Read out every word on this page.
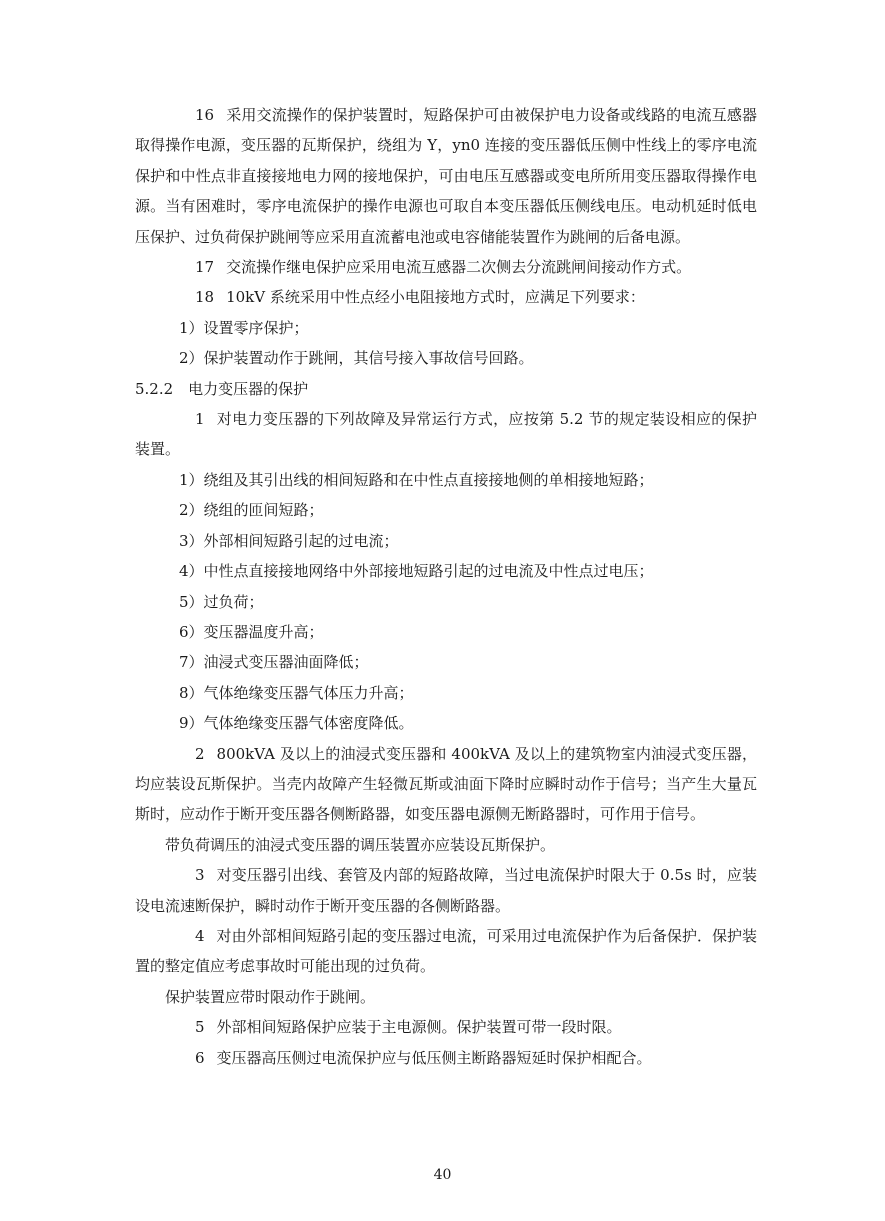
16 采用交流操作的保护装置时，短路保护可由被保护电力设备或线路的电流互感器取得操作电源，变压器的瓦斯保护，绕组为 Y，yn0 连接的变压器低压侧中性线上的零序电流保护和中性点非直接接地电力网的接地保护，可由电压互感器或变电所所用变压器取得操作电源。当有困难时，零序电流保护的操作电源也可取自本变压器低压侧线电压。电动机延时低电压保护、过负荷保护跳闸等应采用直流蓄电池或电容储能装置作为跳闸的后备电源。

17 交流操作继电保护应采用电流互感器二次侧去分流跳闸间接动作方式。

18 10kV 系统采用中性点经小电阻接地方式时，应满足下列要求：

1）设置零序保护；

2）保护装置动作于跳闸，其信号接入事故信号回路。

5.2.2　电力变压器的保护

1 对电力变压器的下列故障及异常运行方式，应按第 5.2 节的规定装设相应的保护装置。

1）绕组及其引出线的相间短路和在中性点直接接地侧的单相接地短路；

2）绕组的匝间短路；

3）外部相间短路引起的过电流；

4）中性点直接接地网络中外部接地短路引起的过电流及中性点过电压；

5）过负荷；

6）变压器温度升高；

7）油浸式变压器油面降低；

8）气体绝缘变压器气体压力升高；

9）气体绝缘变压器气体密度降低。

2 800kVA 及以上的油浸式变压器和 400kVA 及以上的建筑物室内油浸式变压器，均应装设瓦斯保护。当壳内故障产生轻微瓦斯或油面下降时应瞬时动作于信号；当产生大量瓦斯时，应动作于断开变压器各侧断路器，如变压器电源侧无断路器时，可作用于信号。

带负荷调压的油浸式变压器的调压装置亦应装设瓦斯保护。

3 对变压器引出线、套管及内部的短路故障，当过电流保护时限大于 0.5s 时，应装设电流速断保护，瞬时动作于断开变压器的各侧断路器。

4 对由外部相间短路引起的变压器过电流，可采用过电流保护作为后备保护．保护装置的整定值应考虑事故时可能出现的过负荷。

保护装置应带时限动作于跳闸。

5 外部相间短路保护应装于主电源侧。保护装置可带一段时限。

6 变压器高压侧过电流保护应与低压侧主断路器短延时保护相配合。

40
